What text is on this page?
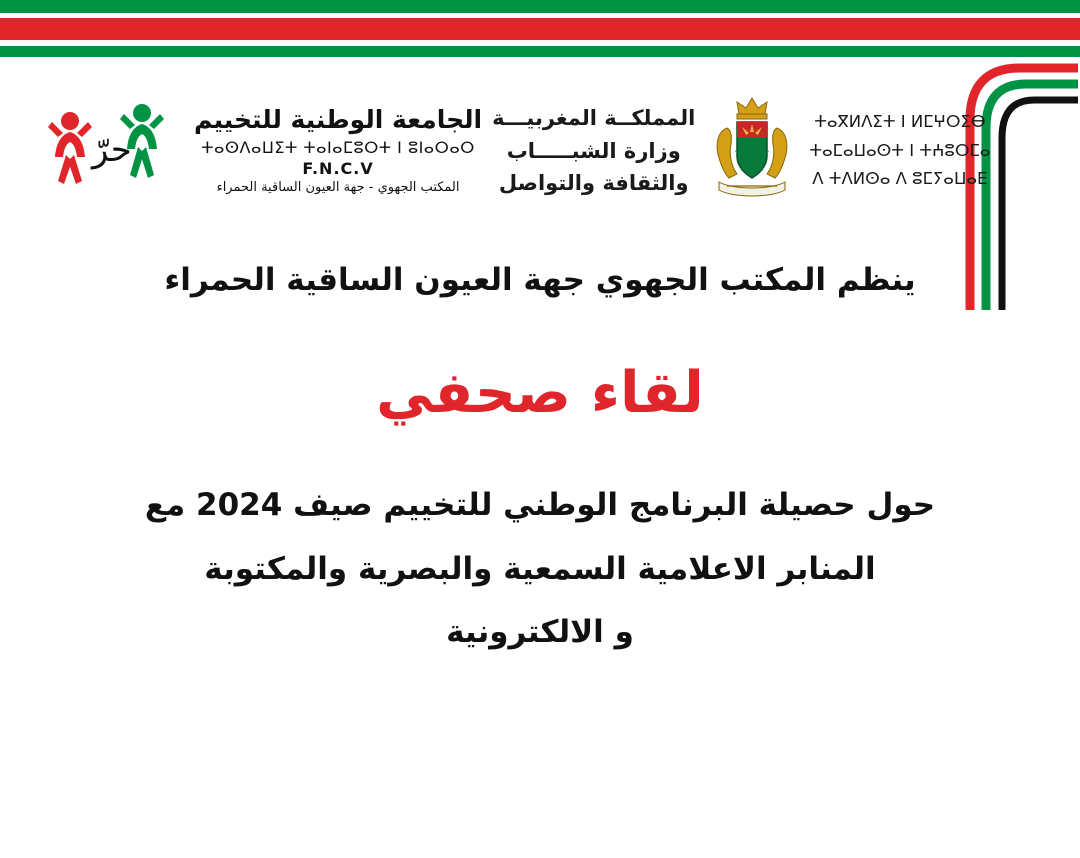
حرّ
الجامعة الوطنية للتخييم
ⵜⴰⵙⴷⴰⵡⵉⵜ ⵜⴰⵏⴰⵎⵓⵔⵜ ⵏ ⵓⵏⴰⵔⴰⵔ
F.N.C.V
المكتب الجهوي - جهة العيون الساقية الحمراء
المملكــة المغربيـــة
وزارة الشبـــــاب
والثقافة والتواصل
ⵜⴰⴳⵍⴷⵉⵜ ⵏ ⵍⵎⵖⵔⵉⴱ
ⵜⴰⵎⴰⵡⴰⵙⵜ ⵏ ⵜⵄⵓⵔⵎⴰ
ⴷ ⵜⴷⵍⵙⴰ ⴷ ⵓⵎⵢⴰⵡⴰⴹ

ينظم المكتب الجهوي جهة العيون الساقية الحمراء

لقاء صحفي

حول حصيلة البرنامج الوطني للتخييم صيف 2024 مع

المنابر الاعلامية السمعية والبصرية والمكتوبة

و الالكترونية
